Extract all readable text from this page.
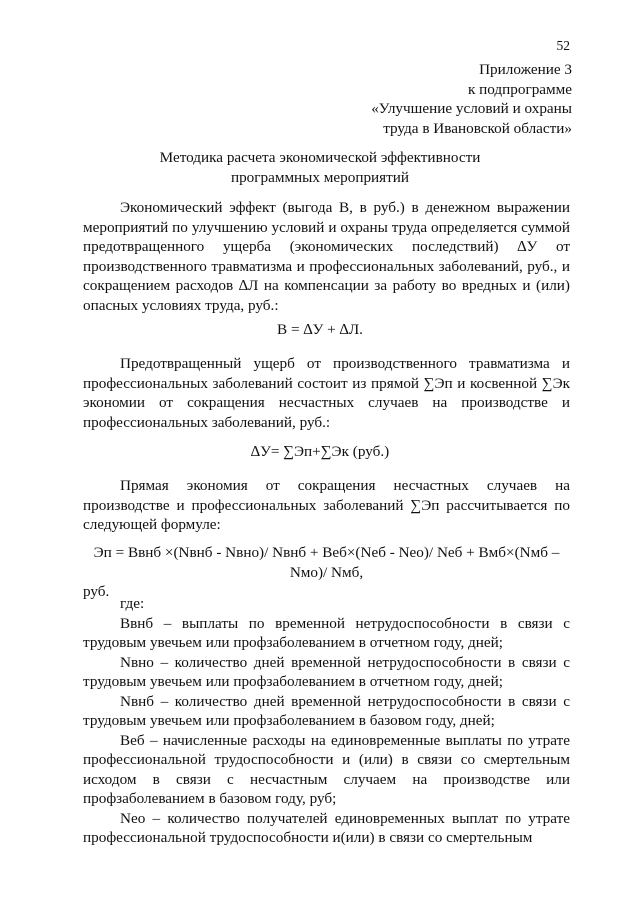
52
Приложение 3
к подпрограмме
«Улучшение условий и охраны
труда в Ивановской области»
Методика расчета экономической эффективности
программных мероприятий

Экономический эффект (выгода В, в руб.) в денежном выражении мероприятий по улучшению условий и охраны труда определяется суммой предотвращенного ущерба (экономических последствий) ∆У от производственного травматизма и профессиональных заболеваний, руб., и сокращением расходов ∆Л на компенсации за работу во вредных и (или) опасных условиях труда, руб.:

В = ∆У + ∆Л.

Предотвращенный ущерб от производственного травматизма и профессиональных заболеваний состоит из прямой ∑Эп и косвенной ∑Эк экономии от сокращения несчастных случаев на производстве и профессиональных заболеваний, руб.:

∆У= ∑Эп+∑Эк (руб.)

Прямая экономия от сокращения несчастных случаев на производстве и профессиональных заболеваний ∑Эп рассчитывается по следующей формуле:

Эп = Ввнб ×(Nвнб - Nвно)/ Nвнб + Веб×(Nеб - Nео)/ Nеб + Вмб×(Nмб – Nмо)/ Nмб,
руб.
где:

Ввнб – выплаты по временной нетрудоспособности в связи с трудовым увечьем или профзаболеванием в отчетном году, дней;

Nвно – количество дней временной нетрудоспособности в связи с трудовым увечьем или профзаболеванием в отчетном году, дней;

Nвнб – количество дней временной нетрудоспособности в связи с трудовым увечьем или профзаболеванием в базовом году, дней;

Веб – начисленные расходы на единовременные выплаты по утрате профессиональной трудоспособности и (или) в связи со смертельным исходом в связи с несчастным случаем на производстве или профзаболеванием в базовом году, руб;

Nео – количество получателей единовременных выплат по утрате профессиональной трудоспособности и(или) в связи со смертельным
